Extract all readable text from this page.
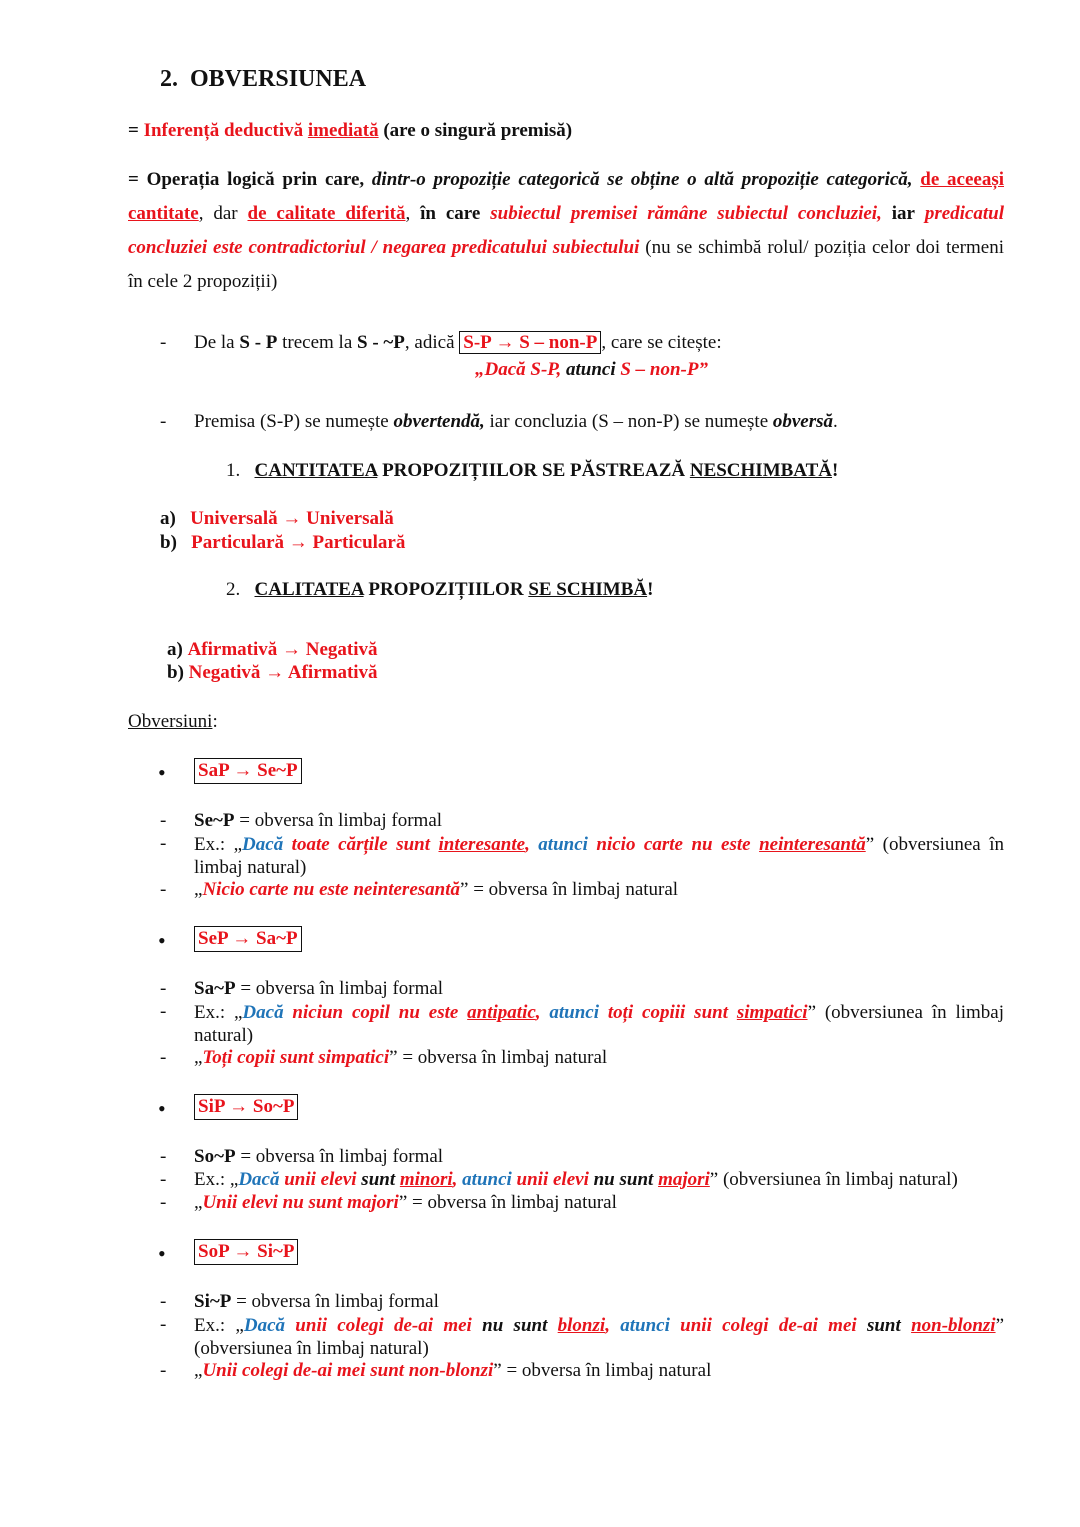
2. OBVERSIUNEA
= Inferență deductivă imediată (are o singură premisă)
= Operația logică prin care, dintr-o propoziție categorică se obține o altă propoziție categorică, de aceeași cantitate, dar de calitate diferită, în care subiectul premisei rămâne subiectul concluziei, iar predicatul concluziei este contradictoriul / negarea predicatului subiectului (nu se schimbă rolul/ poziția celor doi termeni în cele 2 propoziții)
- De la S - P trecem la S - ~P, adică S-P → S – non-P , care se citește:
„Dacă S-P, atunci S – non-P”
- Premisa (S-P) se numește obvertendă, iar concluzia (S – non-P) se numește obversă.
1. CANTITATEA PROPOZIȚIILOR SE PĂSTREAZĂ NESCHIMBATĂ!
a) Universală → Universală
b) Particulară → Particulară
2. CALITATEA PROPOZIȚIILOR SE SCHIMBĂ!
a) Afirmativă → Negativă
b) Negativă → Afirmativă
Obversiuni:
• SaP → Se~P
- Se~P = obversa în limbaj formal
- Ex.: „Dacă toate cărțile sunt interesante, atunci nicio carte nu este neinteresantă” (obversiunea în limbaj natural)
- „Nicio carte nu este neinteresantă” = obversa în limbaj natural
• SeP → Sa~P
- Sa~P = obversa în limbaj formal
- Ex.: „Dacă niciun copil nu este antipatic, atunci toți copiii sunt simpatici” (obversiunea în limbaj natural)
- „Toți copii sunt simpatici” = obversa în limbaj natural
• SiP → So~P
- So~P = obversa în limbaj formal
- Ex.: „Dacă unii elevi sunt minori, atunci unii elevi nu sunt majori” (obversiunea în limbaj natural)
- „Unii elevi nu sunt majori” = obversa în limbaj natural
• SoP → Si~P
- Si~P = obversa în limbaj formal
- Ex.: „Dacă unii colegi de-ai mei nu sunt blonzi, atunci unii colegi de-ai mei sunt non-blonzi” (obversiunea în limbaj natural)
- „Unii colegi de-ai mei sunt non-blonzi” = obversa în limbaj natural
